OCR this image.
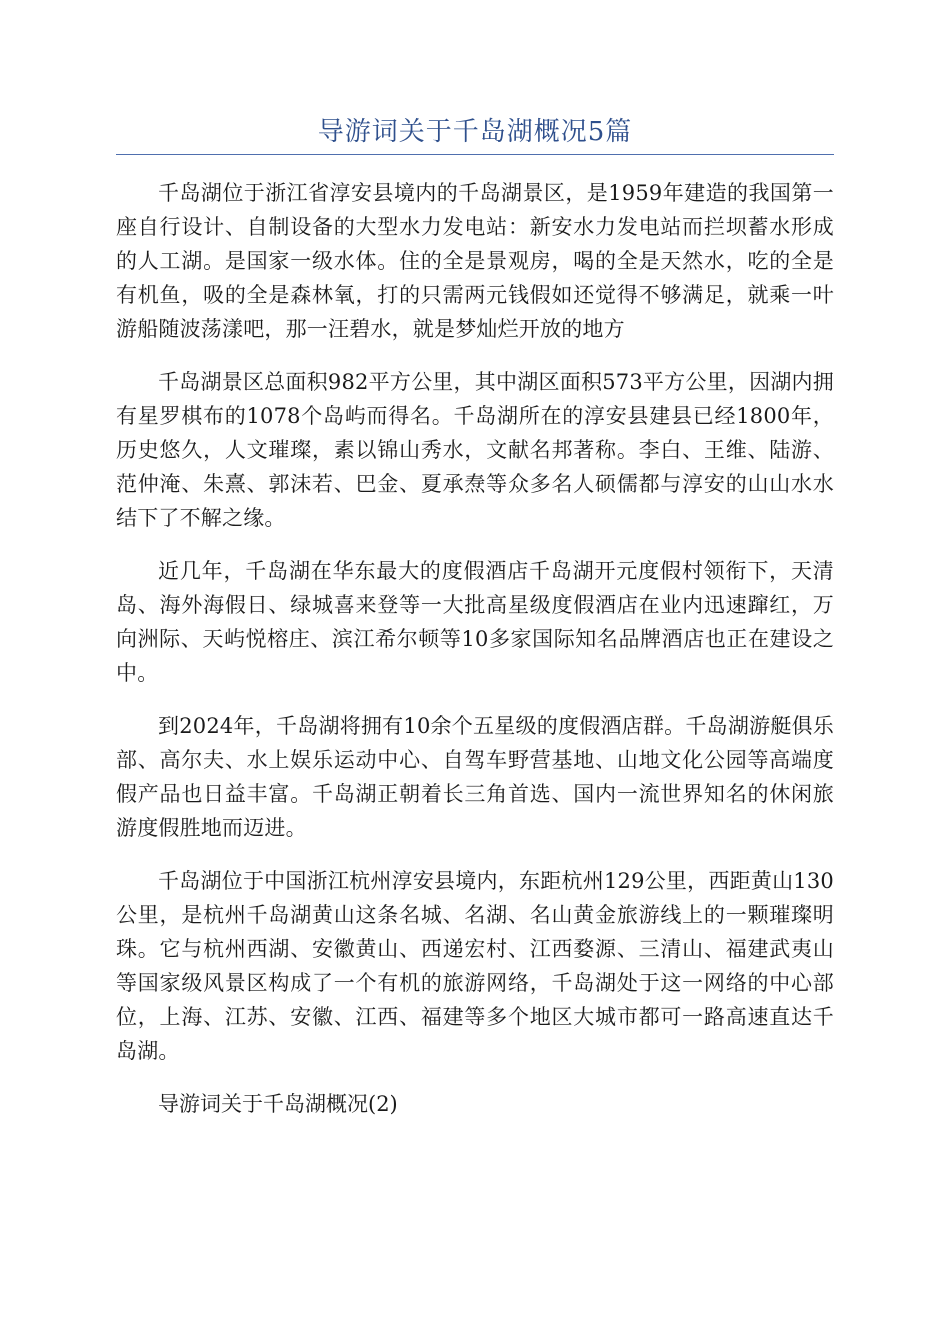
导游词关于千岛湖概况5篇

千岛湖位于浙江省淳安县境内的千岛湖景区，是1959年建造的我国第一座自行设计、自制设备的大型水力发电站：新安水力发电站而拦坝蓄水形成的人工湖。是国家一级水体。住的全是景观房，喝的全是天然水，吃的全是有机鱼，吸的全是森林氧，打的只需两元钱假如还觉得不够满足，就乘一叶游船随波荡漾吧，那一汪碧水，就是梦灿烂开放的地方

千岛湖景区总面积982平方公里，其中湖区面积573平方公里，因湖内拥有星罗棋布的1078个岛屿而得名。千岛湖所在的淳安县建县已经1800年，历史悠久，人文璀璨，素以锦山秀水，文献名邦著称。李白、王维、陆游、范仲淹、朱熹、郭沫若、巴金、夏承焘等众多名人硕儒都与淳安的山山水水结下了不解之缘。

近几年，千岛湖在华东最大的度假酒店千岛湖开元度假村领衔下，天清岛、海外海假日、绿城喜来登等一大批高星级度假酒店在业内迅速蹿红，万向洲际、天屿悦榕庄、滨江希尔顿等10多家国际知名品牌酒店也正在建设之中。

到2024年，千岛湖将拥有10余个五星级的度假酒店群。千岛湖游艇俱乐部、高尔夫、水上娱乐运动中心、自驾车野营基地、山地文化公园等高端度假产品也日益丰富。千岛湖正朝着长三角首选、国内一流世界知名的休闲旅游度假胜地而迈进。

千岛湖位于中国浙江杭州淳安县境内，东距杭州129公里，西距黄山130公里，是杭州千岛湖黄山这条名城、名湖、名山黄金旅游线上的一颗璀璨明珠。它与杭州西湖、安徽黄山、西递宏村、江西婺源、三清山、福建武夷山等国家级风景区构成了一个有机的旅游网络，千岛湖处于这一网络的中心部位，上海、江苏、安徽、江西、福建等多个地区大城市都可一路高速直达千岛湖。

导游词关于千岛湖概况(2)
